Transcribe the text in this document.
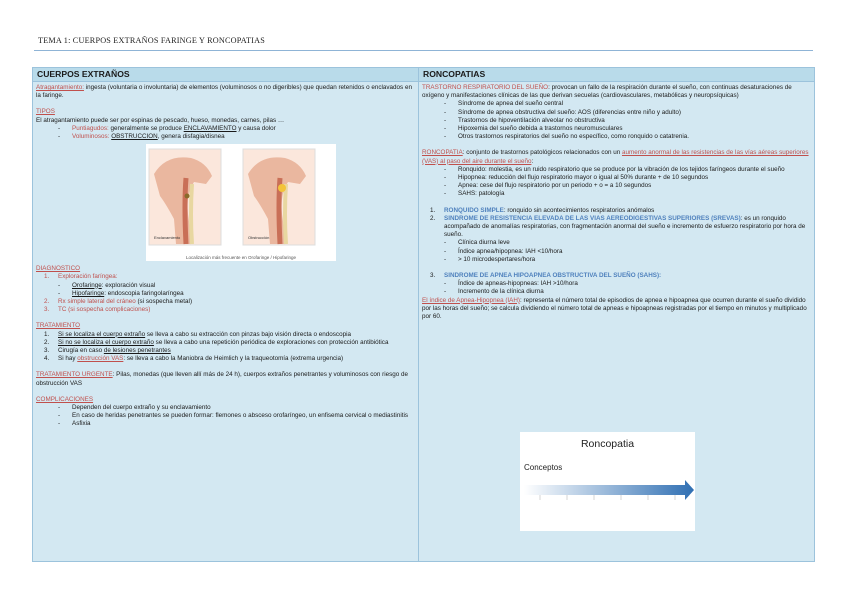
TEMA 1: CUERPOS EXTRAÑOS FARINGE Y RONCOPATIAS
CUERPOS EXTRAÑOS
Atragantamiento: ingesta (voluntaria o involuntaria) de elementos (voluminosos o no digeribles) que quedan retenidos o enclavados en la faringe.
TIPOS
El atragantamiento puede ser por espinas de pescado, hueso, monedas, carnes, pilas …
- Puntiagudos: generalmente se produce ENCLAVAMIENTO y causa dolor
- Voluminosos: OBSTRUCCION, genera disfagia/disnea
Enclavamiento	Obstrucción
Localización más frecuente en Orofaringe / Hipofaringe
DIAGNOSTICO
1. Exploración faríngea:
- Orofaringe: exploración visual
- Hipofaringe: endoscopia faringolaríngea
2. Rx simple lateral del cráneo (si sospecha metal)
3. TC (si sospecha complicaciones)
TRATAMIENTO
1. Si se localiza el cuerpo extraño se lleva a cabo su extracción con pinzas bajo visión directa o endoscopia
2. Si no se localiza el cuerpo extraño se lleva a cabo una repetición periódica de exploraciones con protección antibiótica
3. Cirugía en caso de lesiones penetrantes
4. Si hay obstrucción VAS: se lleva a cabo la Maniobra de Heimlich y la traqueotomía (extrema urgencia)
TRATAMIENTO URGENTE: Pilas, monedas (que lleven allí más de 24 h), cuerpos extraños penetrantes y voluminosos con riesgo de obstrucción VAS
COMPLICACIONES
- Dependen del cuerpo extraño y su enclavamiento
- En caso de heridas penetrantes se pueden formar: flemones o absceso orofaríngeo, un enfisema cervical o mediastinitis
- Asfixia
RONCOPATIAS
TRASTORNO RESPIRATORIO DEL SUEÑO: provocan un fallo de la respiración durante el sueño, con continuas desaturaciones de oxígeno y manifestaciones clínicas de las que derivan secuelas (cardiovasculares, metabólicas y neuropsíquicas)
- Síndrome de apnea del sueño central
- Síndrome de apnea obstructiva del sueño: AOS (diferencias entre niño y adulto)
- Trastornos de hipoventilación alveolar no obstructiva
- Hipoxemia del sueño debida a trastornos neuromusculares
- Otros trastornos respiratorios del sueño no específico, como ronquido o catatrenia.
RONCOPATIA: conjunto de trastornos patológicos relacionados con un aumento anormal de las resistencias de las vías aéreas superiores (VAS) al paso del aire durante el sueño:
- Ronquido: molestia, es un ruido respiratorio que se produce por la vibración de los tejidos faríngeos durante el sueño
- Hipopnea: reducción del flujo respiratorio mayor o igual al 50% durante + de 10 segundos
- Apnea: cese del flujo respiratorio por un periodo + o = a 10 segundos
- SAHS: patología
1. RONQUIDO SIMPLE: ronquido sin acontecimientos respiratorios anómalos
2. SINDROME DE RESISTENCIA ELEVADA DE LAS VIAS AEREODIGESTIVAS SUPERIORES (SREVAS): es un ronquido acompañado de anomalías respiratorias, con fragmentación anormal del sueño e incremento de esfuerzo respiratorio por hora de sueño.
- Clínica diurna leve
- Índice apnea/hipopnea: IAH <10/hora
- > 10 microdespertares/hora
3. SINDROME DE APNEA HIPOAPNEA OBSTRUCTIVA DEL SUEÑO (SAHS):
- Índice de apneas-hipopneas: IAH >10/hora
- Incremento de la clínica diurna
El índice de Apnea-Hipopnea (IAH): representa el número total de episodios de apnea e hipoapnea que ocurren durante el sueño dividido por las horas del sueño; se calcula dividiendo el número total de apneas e hipoapneas registradas por el tiempo en minutos y multiplicado por 60.
Roncopatia
Conceptos
